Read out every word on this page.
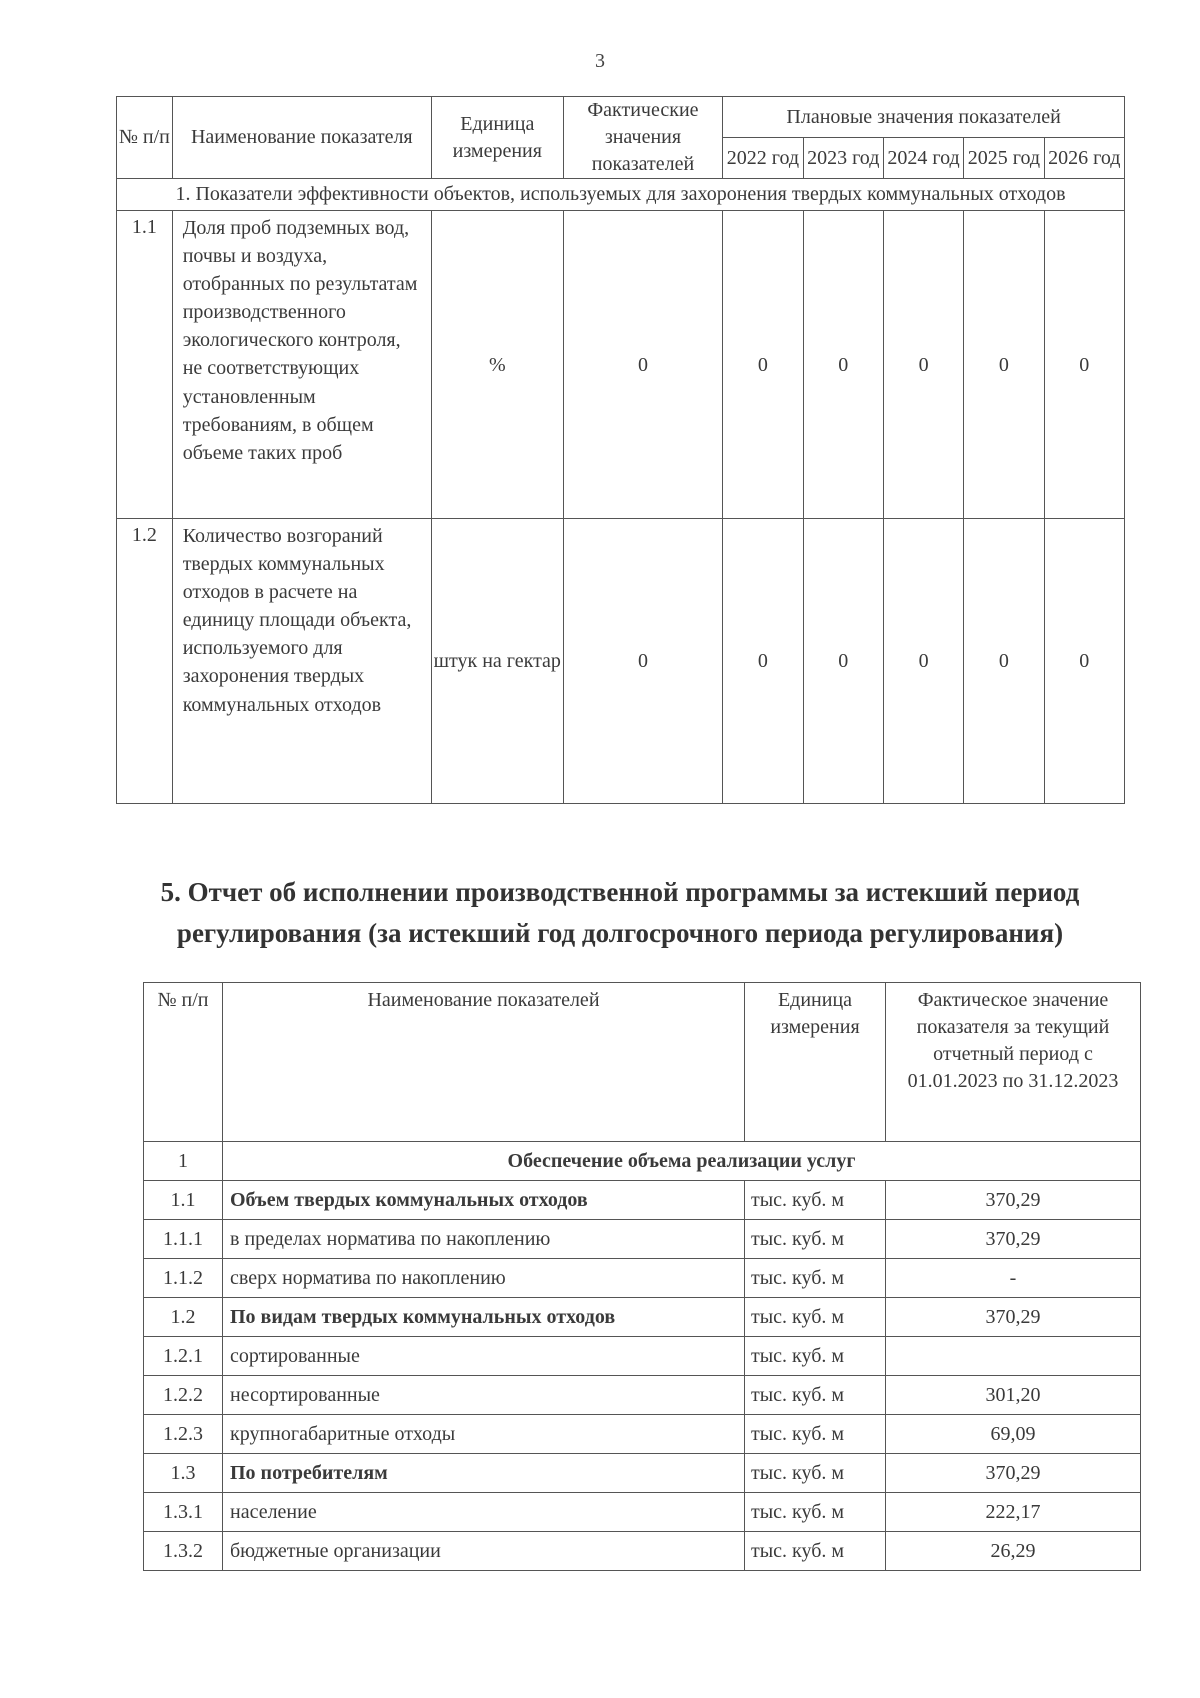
3
№ п/п	Наименование показателя	Единица измерения	Фактические значения показателей	Плановые значения показателей				
				2022 год	2023 год	2024 год	2025 год	2026 год
1. Показатели эффективности объектов, используемых для захоронения твердых коммунальных отходов								
1.1	Доля проб подземных вод, почвы и воздуха, отобранных по результатам производственного экологического контроля, не соответствующих установленным требованиям, в общем объеме таких проб	%	0	0	0	0	0	0
1.2	Количество возгораний твердых коммунальных отходов в расчете на единицу площади объекта, используемого для захоронения твердых коммунальных отходов	штук на гектар	0	0	0	0	0	0
5. Отчет об исполнении производственной программы за истекший период регулирования (за истекший год долгосрочного периода регулирования)
№ п/п	Наименование показателей	Единица измерения	Фактическое значение показателя за текущий отчетный период с 01.01.2023 по 31.12.2023
1	Обеспечение объема реализации услуг		
1.1	Объем твердых коммунальных отходов	тыс. куб. м	370,29
1.1.1	в пределах норматива по накоплению	тыс. куб. м	370,29
1.1.2	сверх норматива по накоплению	тыс. куб. м	-
1.2	По видам твердых коммунальных отходов	тыс. куб. м	370,29
1.2.1	сортированные	тыс. куб. м	
1.2.2	несортированные	тыс. куб. м	301,20
1.2.3	крупногабаритные отходы	тыс. куб. м	69,09
1.3	По потребителям	тыс. куб. м	370,29
1.3.1	население	тыс. куб. м	222,17
1.3.2	бюджетные организации	тыс. куб. м	26,29
